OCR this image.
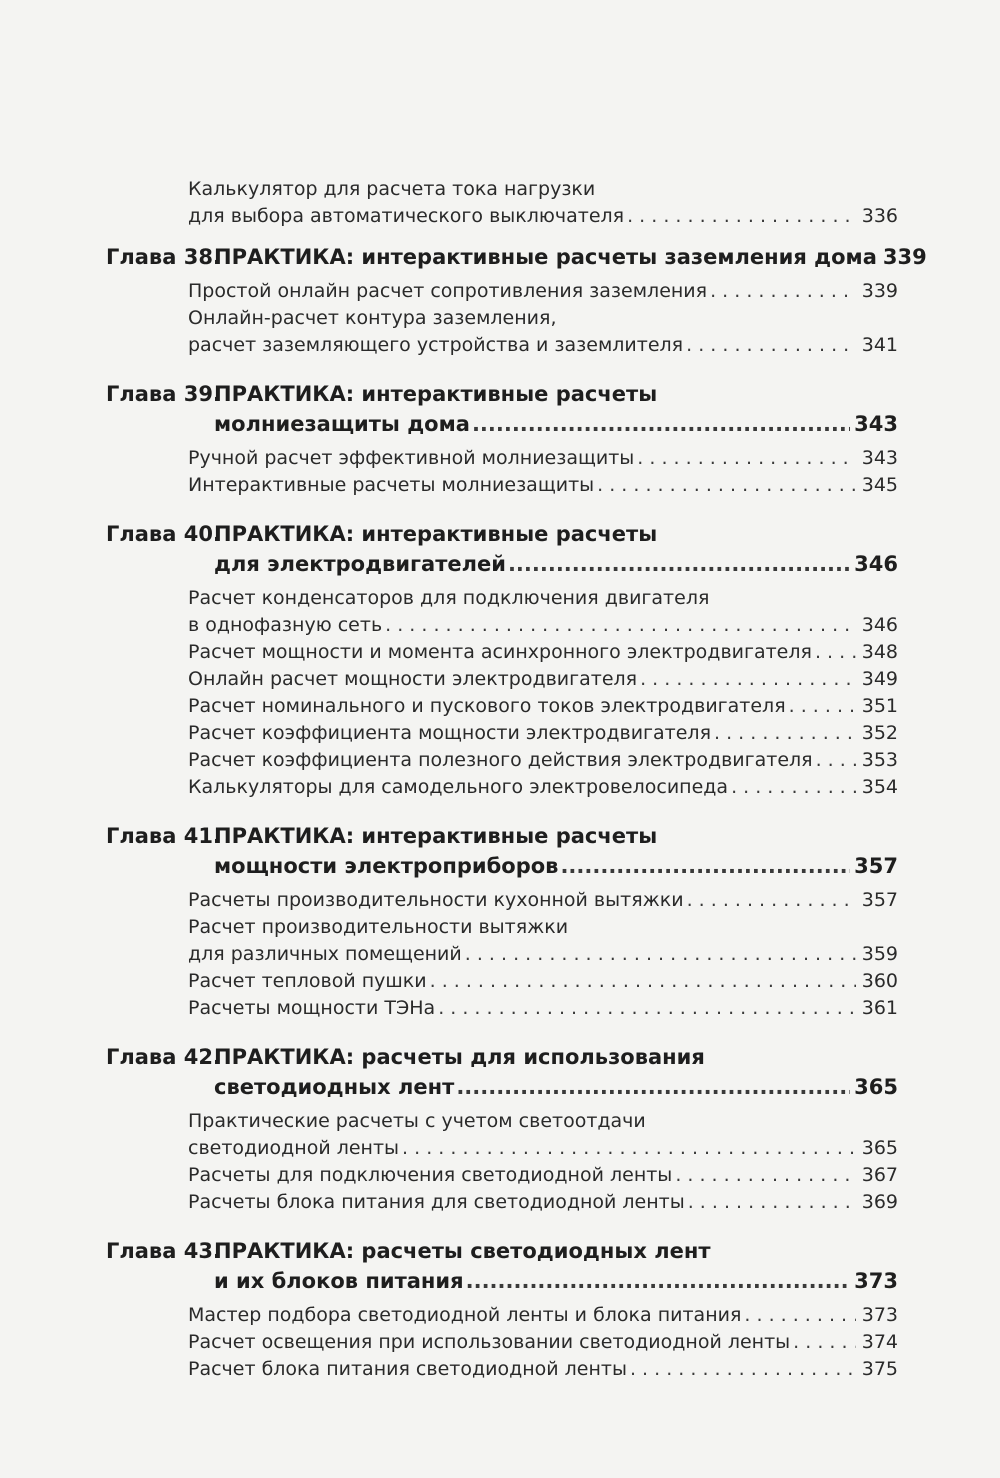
Калькулятор для расчета тока нагрузки
для выбора автоматического выключателя . . .	336
Глава 38.
ПРАКТИКА: интерактивные расчеты заземления дома 339
Простой онлайн расчет сопротивления заземления . . .	339
Онлайн-расчет контура заземления,
расчет заземляющего устройства и заземлителя . . .	341
Глава 39.ПРАКТИКА: интерактивные расчеты
молниезащиты дома .....	343
Ручной расчет эффективной молниезащиты . . .	343
Интерактивные расчеты молниезащиты . . .	345
Глава 40.ПРАКТИКА: интерактивные расчеты
для электродвигателей .....	346
Расчет конденсаторов для подключения двигателя
в однофазную сеть . . .	346
Расчет мощности и момента асинхронного электродвигателя . . .	348
Онлайн расчет мощности электродвигателя . . .	349
Расчет номинального и пускового токов электродвигателя . . .	351
Расчет коэффициента мощности электродвигателя . . .	352
Расчет коэффициента полезного действия электродвигателя . . .	353
Калькуляторы для самодельного электровелосипеда . . .	354
Глава 41.ПРАКТИКА: интерактивные расчеты
мощности электроприборов .....	357
Расчеты производительности кухонной вытяжки . . .	357
Расчет производительности вытяжки
для различных помещений . . .	359
Расчет тепловой пушки . . .	360
Расчеты мощности ТЭНа . . .	361
Глава 42.ПРАКТИКА: расчеты для использования
светодиодных лент .....	365
Практические расчеты с учетом светоотдачи
светодиодной ленты . . .	365
Расчеты для подключения светодиодной ленты . . .	367
Расчеты блока питания для светодиодной ленты . . .	369
Глава 43.ПРАКТИКА: расчеты светодиодных лент
и их блоков питания .....	373
Мастер подбора светодиодной ленты и блока питания . . .	373
Расчет освещения при использовании светодиодной ленты . . .	374
Расчет блока питания светодиодной ленты . . .	375
